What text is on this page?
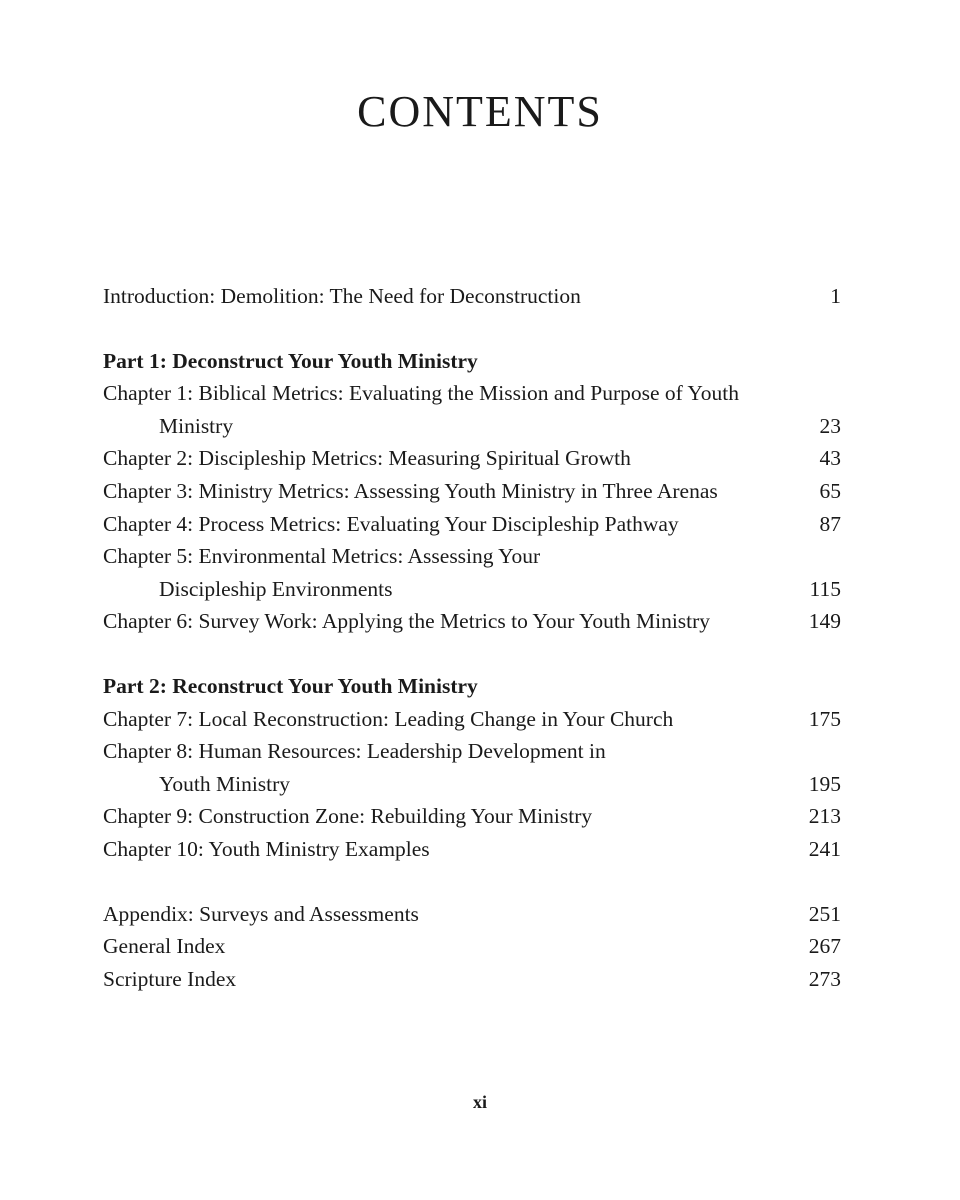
CONTENTS
Introduction: Demolition: The Need for Deconstruction	1
Part 1: Deconstruct Your Youth Ministry
Chapter 1: Biblical Metrics: Evaluating the Mission and Purpose of Youth
Ministry	23
Chapter 2: Discipleship Metrics: Measuring Spiritual Growth	43
Chapter 3: Ministry Metrics: Assessing Youth Ministry in Three Arenas	65
Chapter 4: Process Metrics: Evaluating Your Discipleship Pathway	87
Chapter 5: Environmental Metrics: Assessing Your
Discipleship Environments	115
Chapter 6: Survey Work: Applying the Metrics to Your Youth Ministry	149
Part 2: Reconstruct Your Youth Ministry
Chapter 7: Local Reconstruction: Leading Change in Your Church	175
Chapter 8: Human Resources: Leadership Development in
Youth Ministry	195
Chapter 9: Construction Zone: Rebuilding Your Ministry	213
Chapter 10: Youth Ministry Examples	241
Appendix: Surveys and Assessments	251
General Index	267
Scripture Index	273
xi
